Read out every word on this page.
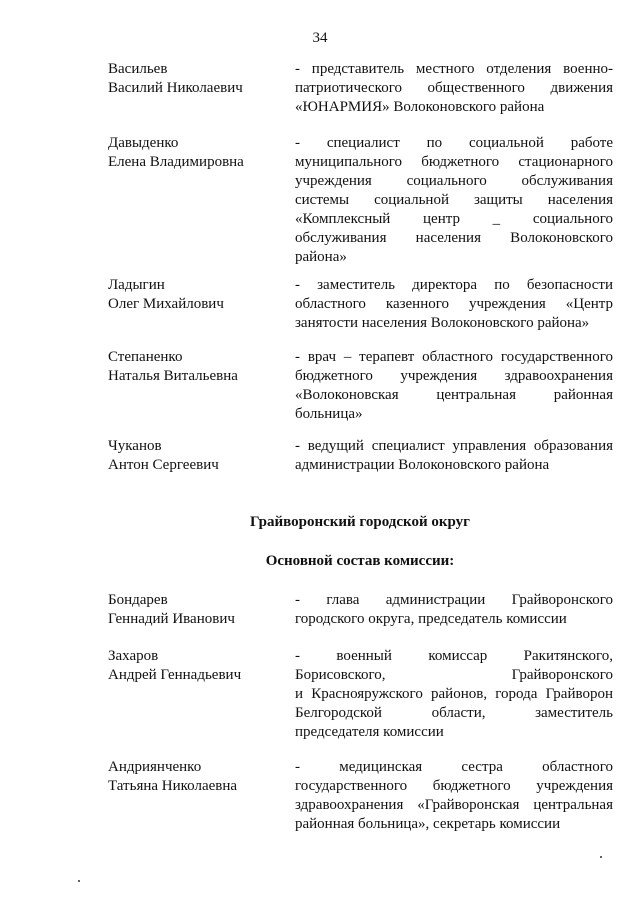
34
Васильев
Василий Николаевич
- представитель местного отделения военно-
патриотического общественного движения
«ЮНАРМИЯ» Волоконовского района
Давыденко
Елена Владимировна
- специалист по социальной работе
муниципального бюджетного стационарного
учреждения социального обслуживания
системы социальной защиты населения
«Комплексный центр _ социального
обслуживания населения Волоконовского
района»
Ладыгин
Олег Михайлович
- заместитель директора по безопасности
областного казенного учреждения «Центр
занятости населения Волоконовского района»
Степаненко
Наталья Витальевна
- врач – терапевт областного государственного
бюджетного учреждения здравоохранения
«Волоконовская центральная районная
больница»
Чуканов
Антон Сергеевич
- ведущий специалист управления образования
администрации Волоконовского района
Грайворонский городской округ
Основной состав комиссии:
Бондарев
Геннадий Иванович
- глава администрации Грайворонского
городского округа, председатель комиссии
Захаров
Андрей Геннадьевич
- военный комиссар Ракитянского,
Борисовского, Грайворонского
и Краснояружского районов, города Грайворон
Белгородской области, заместитель
председателя комиссии
Андриянченко
Татьяна Николаевна
- медицинская сестра областного
государственного бюджетного учреждения
здравоохранения «Грайворонская центральная
районная больница», секретарь комиссии
